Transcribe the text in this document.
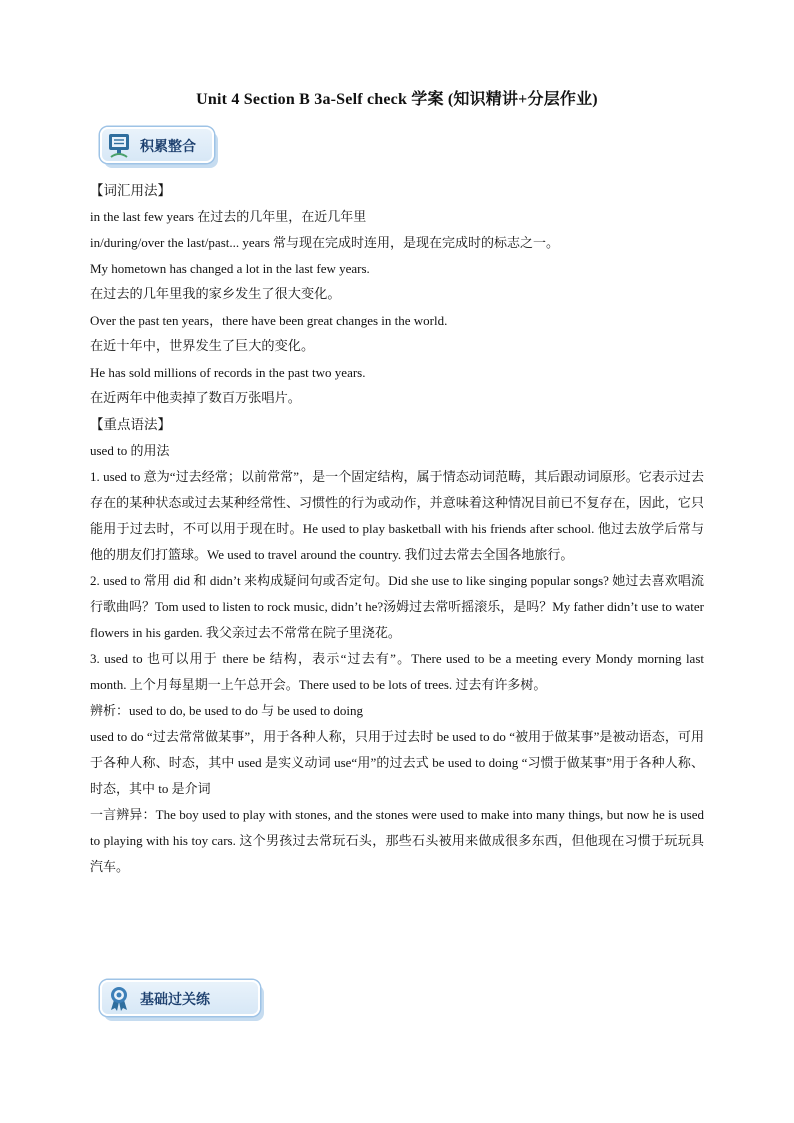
Unit 4 Section B 3a-Self check 学案 (知识精讲+分层作业)
积累整合
【词汇用法】
in the last few years 在过去的几年里，在近几年里
in/during/over the last/past... years 常与现在完成时连用，是现在完成时的标志之一。
My hometown has changed a lot in the last few years.
在过去的几年里我的家乡发生了很大变化。
Over the past ten years，there have been great changes in the world.
在近十年中，世界发生了巨大的变化。
He has sold millions of records in the past two years.
在近两年中他卖掉了数百万张唱片。
【重点语法】
used to 的用法
1. used to 意为“过去经常；以前常常”，是一个固定结构，属于情态动词范畴，其后跟动词原形。它表示过去存在的某种状态或过去某种经常性、习惯性的行为或动作，并意味着这种情况目前已不复存在，因此，它只能用于过去时，不可以用于现在时。He used to play basketball with his friends after school. 他过去放学后常与他的朋友们打篮球。We used to travel around the country. 我们过去常去全国各地旅行。
2. used to 常用 did 和 didn’t 来构成疑问句或否定句。Did she use to like singing popular songs? 她过去喜欢唱流行歌曲吗？Tom used to listen to rock music, didn’t he?汤姆过去常听摇滚乐，是吗？My father didn’t use to water flowers in his garden. 我父亲过去不常常在院子里浇花。
3. used to 也可以用于 there be 结构，表示“过去有”。There used to be a meeting every Mondy morning last month. 上个月每星期一上午总开会。There used to be lots of trees. 过去有许多树。
辨析：used to do, be used to do 与 be used to doing
used to do “过去常常做某事”，用于各种人称，只用于过去时 be used to do “被用于做某事”是被动语态，可用于各种人称、时态，其中 used 是实义动词 use“用”的过去式 be used to doing “习惯于做某事”用于各种人称、时态，其中 to 是介词
一言辨异：The boy used to play with stones, and the stones were used to make into many things, but now he is used to playing with his toy cars. 这个男孩过去常玩石头，那些石头被用来做成很多东西，但他现在习惯于玩玩具汽车。
基础过关练
